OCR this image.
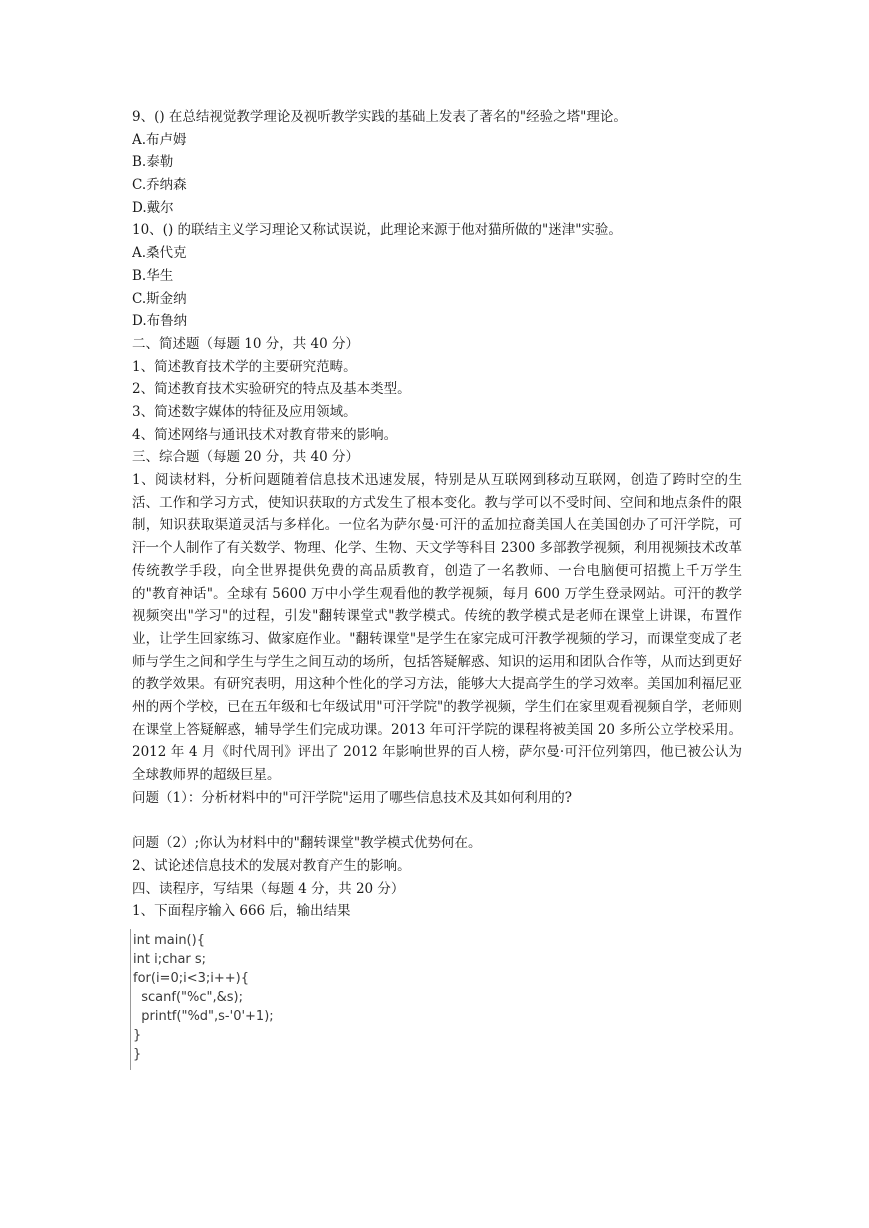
9、() 在总结视觉教学理论及视听教学实践的基础上发表了著名的"经验之塔"理论。
A.布卢姆
B.泰勒
C.乔纳森
D.戴尔
10、() 的联结主义学习理论又称试误说，此理论来源于他对猫所做的"迷津"实验。
A.桑代克
B.华生
C.斯金纳
D.布鲁纳
二、简述题（每题 10 分，共 40 分）
1、简述教育技术学的主要研究范畴。
2、简述教育技术实验研究的特点及基本类型。
3、简述数字媒体的特征及应用领域。
4、简述网络与通讯技术对教育带来的影响。
三、综合题（每题 20 分，共 40 分）

1、阅读材料，分析问题随着信息技术迅速发展，特别是从互联网到移动互联网，创造了跨时空的生活、工作和学习方式，使知识获取的方式发生了根本变化。教与学可以不受时间、空间和地点条件的限制，知识获取渠道灵活与多样化。一位名为萨尔曼·可汗的孟加拉裔美国人在美国创办了可汗学院，可汗一个人制作了有关数学、物理、化学、生物、天文学等科目 2300 多部教学视频，利用视频技术改革传统教学手段，向全世界提供免费的高品质教育，创造了一名教师、一台电脑便可招揽上千万学生的"教育神话"。全球有 5600 万中小学生观看他的教学视频，每月 600 万学生登录网站。可汗的教学视频突出"学习"的过程，引发"翻转课堂式"教学模式。传统的教学模式是老师在课堂上讲课，布置作业，让学生回家练习、做家庭作业。"翻转课堂"是学生在家完成可汗教学视频的学习，而课堂变成了老师与学生之间和学生与学生之间互动的场所，包括答疑解惑、知识的运用和团队合作等，从而达到更好的教学效果。有研究表明，用这种个性化的学习方法，能够大大提高学生的学习效率。美国加利福尼亚州的两个学校，已在五年级和七年级试用"可汗学院"的教学视频，学生们在家里观看视频自学，老师则在课堂上答疑解惑，辅导学生们完成功课。2013 年可汗学院的课程将被美国 20 多所公立学校采用。2012 年 4 月《时代周刊》评出了 2012 年影响世界的百人榜，萨尔曼·可汗位列第四，他已被公认为全球教师界的超级巨星。

问题（1）：分析材料中的"可汗学院"运用了哪些信息技术及其如何利用的?
问题（2）;你认为材料中的"翻转课堂"教学模式优势何在。
2、试论述信息技术的发展对教育产生的影响。
四、读程序，写结果（每题 4 分，共 20 分）
1、下面程序输入 666 后，输出结果
int main(){
int i;char s;
for(i=0;i<3;i++){
scanf("%c",&s);
printf("%d",s-'0'+1);
}
}
